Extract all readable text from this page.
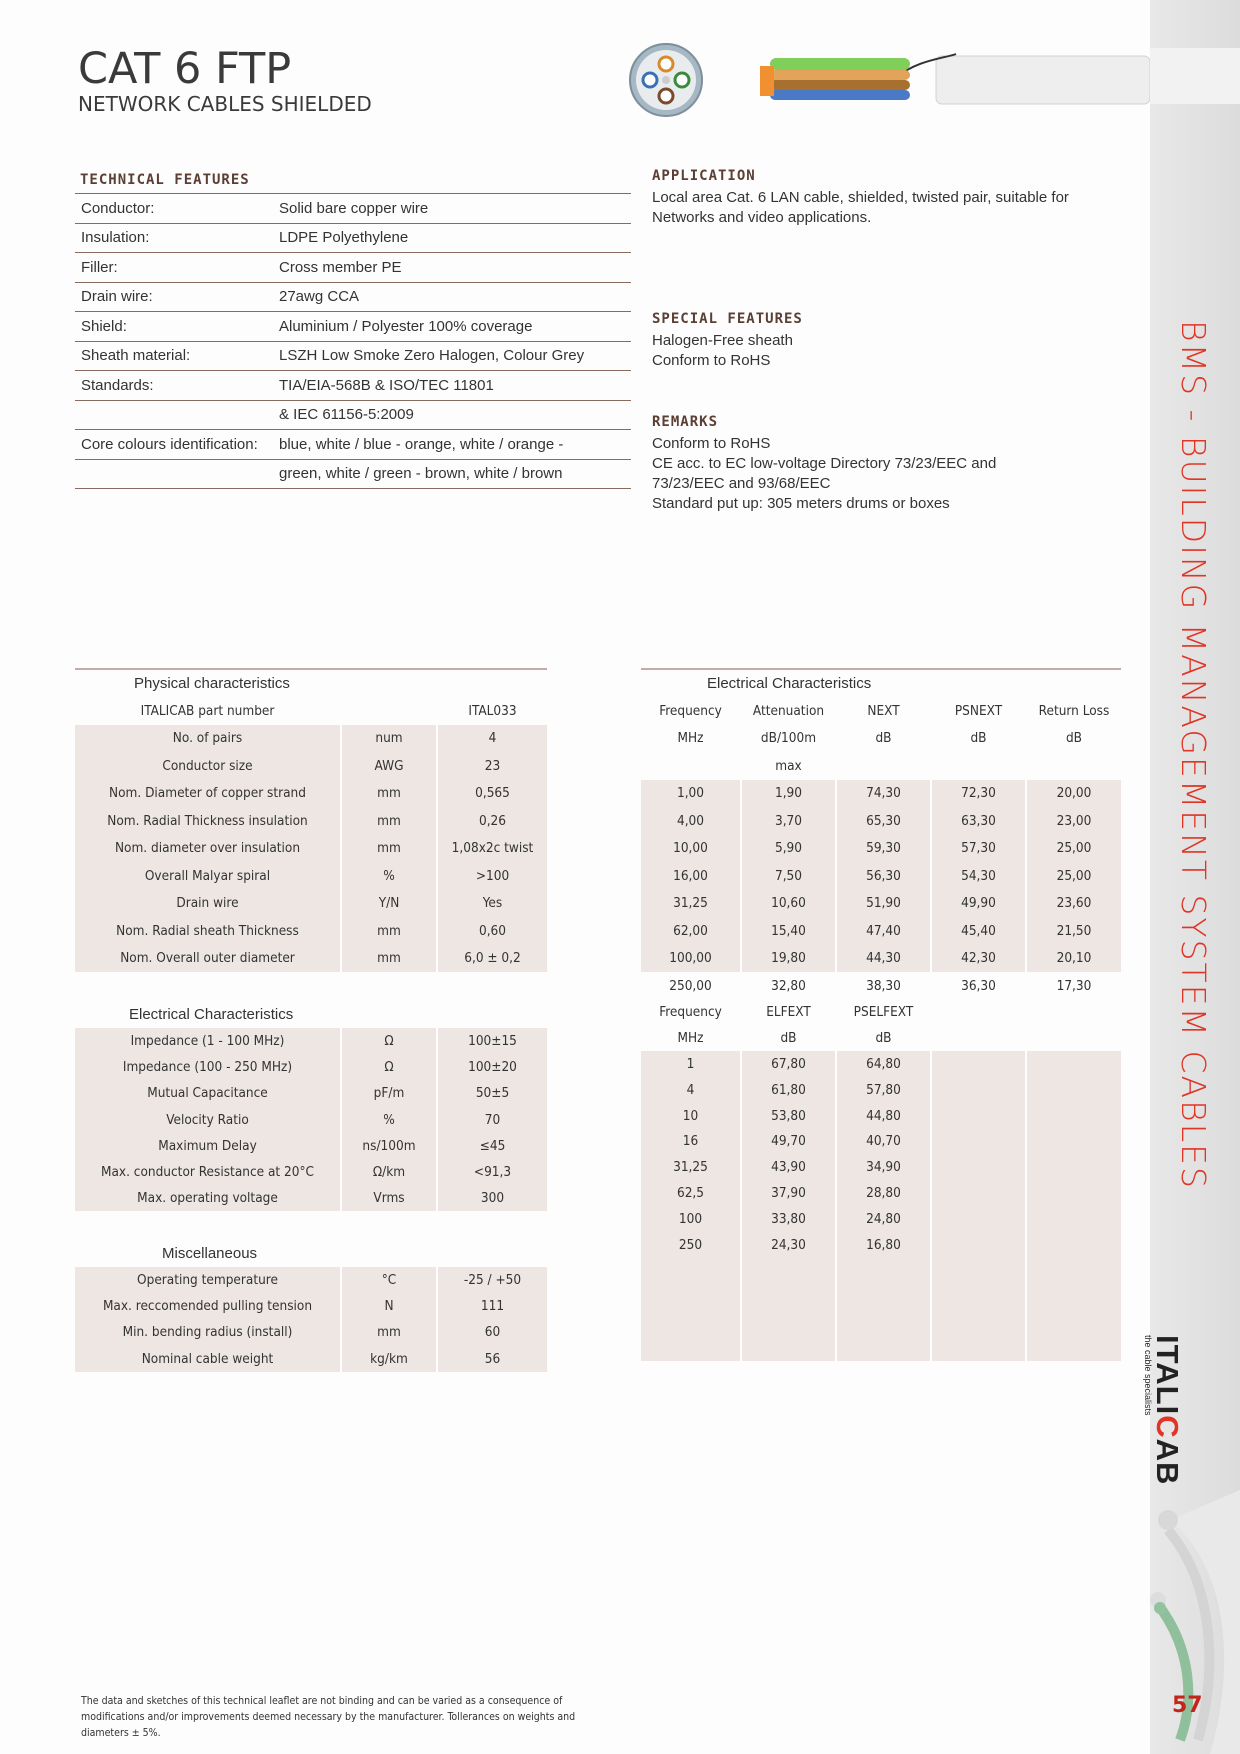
BMS - BUILDING MANAGEMENT SYSTEM CABLES
ITALICAB
the cable specialists
57
CAT 6 FTP
NETWORK CABLES SHIELDED
TECHNICAL FEATURES
Conductor:	Solid bare copper wire
Insulation:	LDPE Polyethylene
Filler:	Cross member PE
Drain wire:	27awg CCA
Shield:	Aluminium / Polyester 100% coverage
Sheath material:	LSZH Low Smoke Zero Halogen, Colour Grey
Standards:	TIA/EIA-568B & ISO/TEC 11801
	& IEC 61156-5:2009
Core colours identification:	blue, white / blue - orange, white / orange -
	green, white / green - brown, white / brown
APPLICATION
Local area Cat. 6 LAN cable, shielded, twisted pair, suitable for Networks and video applications.
SPECIAL FEATURES
Halogen-Free sheath
Conform to RoHS
REMARKS
Conform to RoHS
CE acc. to EC low-voltage Directory 73/23/EEC and
73/23/EEC and 93/68/EEC
Standard put up: 305 meters drums or boxes
Physical characteristics
ITALICAB part number		ITAL033
No. of pairs	num	4
Conductor size	AWG	23
Nom. Diameter of copper strand	mm	0,565
Nom. Radial Thickness insulation	mm	0,26
Nom. diameter over insulation	mm	1,08x2c twist
Overall Malyar spiral	%	>100
Drain wire	Y/N	Yes
Nom. Radial sheath Thickness	mm	0,60
Nom. Overall outer diameter	mm	6,0 ± 0,2
Electrical Characteristics
Impedance (1 - 100 MHz)	Ω	100±15
Impedance (100 - 250 MHz)	Ω	100±20
Mutual Capacitance	pF/m	50±5
Velocity Ratio	%	70
Maximum Delay	ns/100m	≤45
Max. conductor Resistance at 20°C	Ω/km	<91,3
Max. operating voltage	Vrms	300
Miscellaneous
Operating temperature	°C	-25 / +50
Max. reccomended pulling tension	N	111
Min. bending radius (install)	mm	60
Nominal cable weight	kg/km	56
Electrical Characteristics
Frequency	Attenuation	NEXT	PSNEXT	Return Loss
MHz	dB/100m	dB	dB	dB
	max			
1,00	1,90	74,30	72,30	20,00
4,00	3,70	65,30	63,30	23,00
10,00	5,90	59,30	57,30	25,00
16,00	7,50	56,30	54,30	25,00
31,25	10,60	51,90	49,90	23,60
62,00	15,40	47,40	45,40	21,50
100,00	19,80	44,30	42,30	20,10
250,00	32,80	38,30	36,30	17,30
Frequency	ELFEXT	PSELFEXT		
MHz	dB	dB		
1	67,80	64,80		
4	61,80	57,80		
10	53,80	44,80		
16	49,70	40,70		
31,25	43,90	34,90		
62,5	37,90	28,80		
100	33,80	24,80		
250	24,30	16,80		

The data and sketches of this technical leaflet are not binding and can be varied as a consequence of modifications and/or improvements deemed necessary by the manufacturer. Tollerances on weights and diameters ± 5%.
